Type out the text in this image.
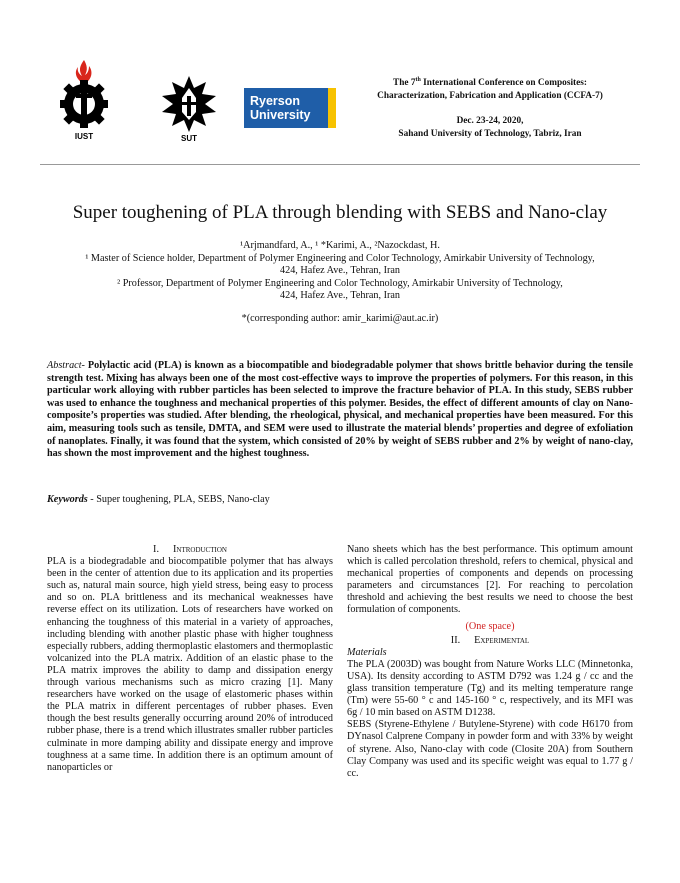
IUST	SUT
Ryerson
University
The 7th International Conference on Composites:
Characterization, Fabrication and Application (CCFA-7)
Dec. 23-24, 2020,
Sahand University of Technology, Tabriz, Iran
Super toughening of PLA through blending with SEBS and Nano-clay
¹Arjmandfard, A., ¹ *Karimi, A., ²Nazockdast, H.
¹ Master of Science holder, Department of Polymer Engineering and Color Technology, Amirkabir University of Technology,
424, Hafez Ave., Tehran, Iran
² Professor, Department of Polymer Engineering and Color Technology, Amirkabir University of Technology,
424, Hafez Ave., Tehran, Iran
*(corresponding author: amir_karimi@aut.ac.ir)
Abstract- Polylactic acid (PLA) is known as a biocompatible and biodegradable polymer that shows brittle behavior during the tensile strength test. Mixing has always been one of the most cost-effective ways to improve the properties of polymers. For this reason, in this particular work alloying with rubber particles has been selected to improve the fracture behavior of PLA. In this study, SEBS rubber was used to enhance the toughness and mechanical properties of this polymer. Besides, the effect of different amounts of clay on Nano-composite’s properties was studied. After blending, the rheological, physical, and mechanical properties have been measured. For this aim, measuring tools such as tensile, DMTA, and SEM were used to illustrate the material blends’ properties and degree of exfoliation of nanoplates. Finally, it was found that the system, which consisted of 20% by weight of SEBS rubber and 2% by weight of nano-clay, has shown the most improvement and the highest toughness.
Keywords - Super toughening, PLA, SEBS, Nano-clay

I. Introduction

PLA is a biodegradable and biocompatible polymer that has always been in the center of attention due to its application and its properties such as, natural main source, high yield stress, being easy to process and so on. PLA brittleness and its mechanical weaknesses have reverse effect on its utilization. Lots of researchers have worked on enhancing the toughness of this material in a variety of approaches, including blending with another plastic phase with higher toughness especially rubbers, adding thermoplastic elastomers and thermoplastic volcanized into the PLA matrix. Addition of an elastic phase to the PLA matrix improves the ability to damp and dissipation energy through various mechanisms such as micro crazing [1]. Many researchers have worked on the usage of elastomeric phases within the PLA matrix in different percentages of rubber phases. Even though the best results generally occurring around 20% of introduced rubber phase, there is a trend which illustrates smaller rubber particles culminate in more damping ability and dissipate energy and improve toughness at a same time. In addition there is an optimum amount of nanoparticles or

Nano sheets which has the best performance. This optimum amount which is called percolation threshold, refers to chemical, physical and mechanical properties of components and depends on processing parameters and circumstances [2]. For reaching to percolation threshold and achieving the best results we need to choose the best formulation of components.

(One space)

II. Experimental

Materials

The PLA (2003D) was bought from Nature Works LLC (Minnetonka, USA). Its density according to ASTM D792 was 1.24 g / cc and the glass transition temperature (Tg) and its melting temperature range (Tm) were 55-60 ° c and 145-160 ° c, respectively, and its MFI was 6g / 10 min based on ASTM D1238.

SEBS (Styrene-Ethylene / Butylene-Styrene) with code H6170 from DYnasol Calprene Company in powder form and with 33% by weight of styrene. Also, Nano-clay with code (Closite 20A) from Southern Clay Company was used and its specific weight was equal to 1.77 g / cc.
